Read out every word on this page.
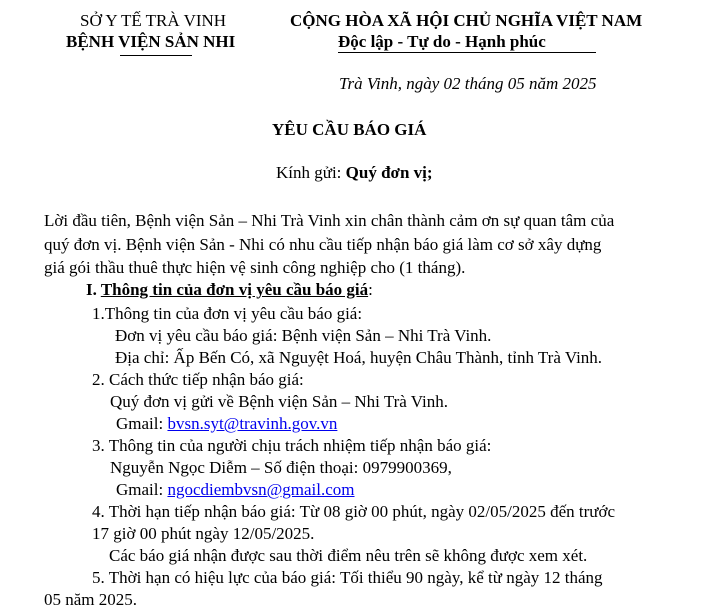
SỞ Y TẾ TRÀ VINH
BỆNH VIỆN SẢN NHI
CỘNG HÒA XÃ HỘI CHỦ NGHĨA VIỆT NAM
Độc lập - Tự do - Hạnh phúc
Trà Vinh, ngày 02 tháng 05 năm 2025
YÊU CẦU BÁO GIÁ
Kính gửi: Quý đơn vị;
Lời đầu tiên, Bệnh viện Sản – Nhi Trà Vinh xin chân thành cảm ơn sự quan tâm của
quý đơn vị. Bệnh viện Sản - Nhi có nhu cầu tiếp nhận báo giá làm cơ sở xây dựng
giá gói thầu thuê thực hiện vệ sinh công nghiệp cho (1 tháng).
I. Thông tin của đơn vị yêu cầu báo giá:
1.Thông tin của đơn vị yêu cầu báo giá:
Đơn vị yêu cầu báo giá: Bệnh viện Sản – Nhi Trà Vinh.
Địa chỉ: Ấp Bến Có, xã Nguyệt Hoá, huyện Châu Thành, tỉnh Trà Vinh.
2. Cách thức tiếp nhận báo giá:
Quý đơn vị gửi về Bệnh viện Sản – Nhi Trà Vinh.
Gmail: bvsn.syt@travinh.gov.vn
3. Thông tin của người chịu trách nhiệm tiếp nhận báo giá:
Nguyễn Ngọc Diễm – Số điện thoại: 0979900369,
Gmail: ngocdiembvsn@gmail.com
4. Thời hạn tiếp nhận báo giá: Từ 08 giờ 00 phút, ngày 02/05/2025 đến trước
17 giờ 00 phút ngày 12/05/2025.
Các báo giá nhận được sau thời điểm nêu trên sẽ không được xem xét.
5. Thời hạn có hiệu lực của báo giá: Tối thiểu 90 ngày, kể từ ngày 12 tháng
05 năm 2025.
